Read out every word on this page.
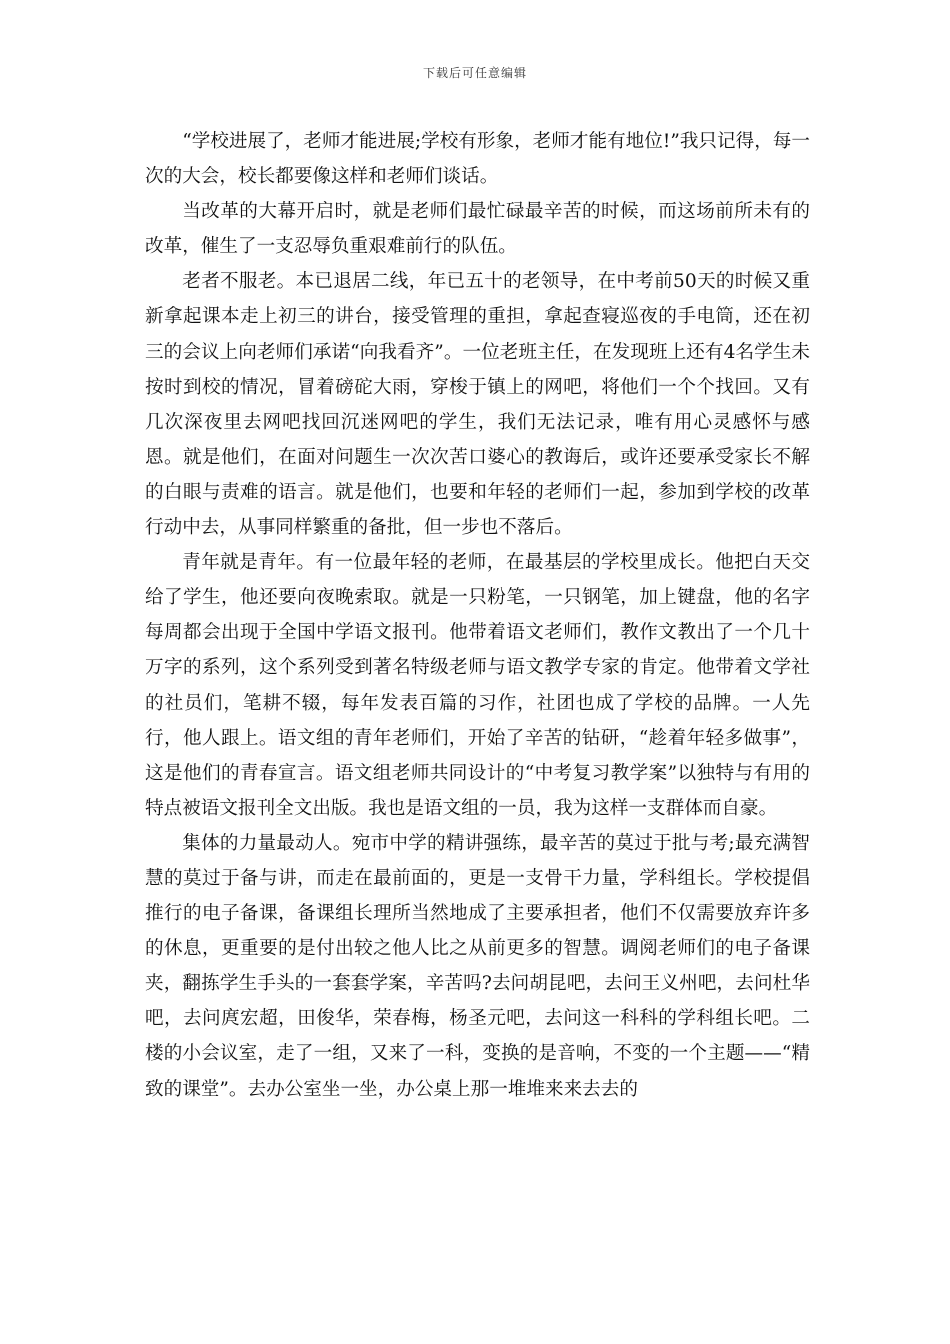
下载后可任意编辑

“学校进展了，老师才能进展;学校有形象，老师才能有地位!”我只记得，每一次的大会，校长都要像这样和老师们谈话。

当改革的大幕开启时，就是老师们最忙碌最辛苦的时候，而这场前所未有的改革，催生了一支忍辱负重艰难前行的队伍。

老者不服老。本已退居二线，年已五十的老领导，在中考前50天的时候又重新拿起课本走上初三的讲台，接受管理的重担，拿起查寝巡夜的手电筒，还在初三的会议上向老师们承诺“向我看齐”。一位老班主任，在发现班上还有4名学生未按时到校的情况，冒着磅砣大雨，穿梭于镇上的网吧，将他们一个个找回。又有几次深夜里去网吧找回沉迷网吧的学生，我们无法记录，唯有用心灵感怀与感恩。就是他们，在面对问题生一次次苦口婆心的教诲后，或许还要承受家长不解的白眼与责难的语言。就是他们，也要和年轻的老师们一起，参加到学校的改革行动中去，从事同样繁重的备批，但一步也不落后。

青年就是青年。有一位最年轻的老师，在最基层的学校里成长。他把白天交给了学生，他还要向夜晚索取。就是一只粉笔，一只钢笔，加上键盘，他的名字每周都会出现于全国中学语文报刊。他带着语文老师们，教作文教出了一个几十万字的系列，这个系列受到著名特级老师与语文教学专家的肯定。他带着文学社的社员们，笔耕不辍，每年发表百篇的习作，社团也成了学校的品牌。一人先行，他人跟上。语文组的青年老师们，开始了辛苦的钻研，“趁着年轻多做事”，这是他们的青春宣言。语文组老师共同设计的“中考复习教学案”以独特与有用的特点被语文报刊全文出版。我也是语文组的一员，我为这样一支群体而自豪。

集体的力量最动人。宛市中学的精讲强练，最辛苦的莫过于批与考;最充满智慧的莫过于备与讲，而走在最前面的，更是一支骨干力量，学科组长。学校提倡推行的电子备课，备课组长理所当然地成了主要承担者，他们不仅需要放弃许多的休息，更重要的是付出较之他人比之从前更多的智慧。调阅老师们的电子备课夹，翻拣学生手头的一套套学案，辛苦吗?去问胡昆吧，去问王义州吧，去问杜华吧，去问庹宏超，田俊华，荣春梅，杨圣元吧，去问这一科科的学科组长吧。二楼的小会议室，走了一组，又来了一科，变换的是音响，不变的一个主题——“精致的课堂”。去办公室坐一坐，办公桌上那一堆堆来来去去的
